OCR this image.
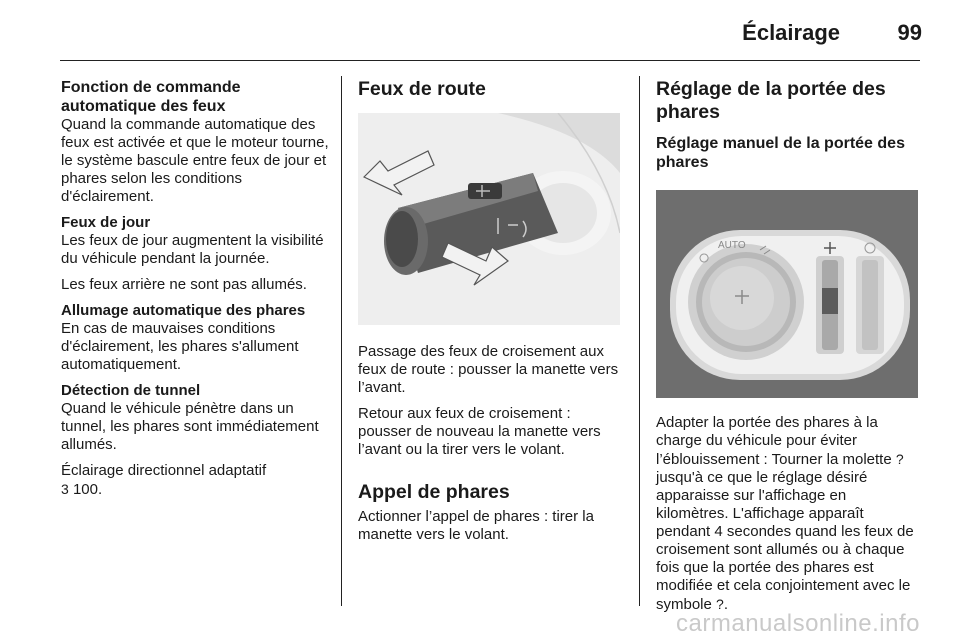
Éclairage	99
Fonction de commande automatique des feux

Quand la commande automatique des feux est activée et que le moteur tourne, le système bascule entre feux de jour et phares selon les conditions d'éclairement.

Feux de jour

Les feux de jour augmentent la visibilité du véhicule pendant la journée.

Les feux arrière ne sont pas allumés.

Allumage automatique des phares

En cas de mauvaises conditions d'éclairement, les phares s'allument automatiquement.

Détection de tunnel

Quand le véhicule pénètre dans un tunnel, les phares sont immédiatement allumés.

Éclairage directionnel adaptatif
3 100.

Feux de route

Passage des feux de croisement aux feux de route : pousser la manette vers l’avant.

Retour aux feux de croisement : pousser de nouveau la manette vers l’avant ou la tirer vers le volant.

Appel de phares

Actionner l’appel de phares : tirer la manette vers le volant.

Réglage de la portée des phares
Réglage manuel de la portée des phares
AUTO

Adapter la portée des phares à la charge du véhicule pour éviter l’éblouissement : Tourner la molette ? jusqu'à ce que le réglage désiré apparaisse sur l'affichage en kilomètres. L'affichage apparaît pendant 4 secondes quand les feux de croisement sont allumés ou à chaque fois que la portée des phares est modifiée et cela conjointement avec le symbole ?.

carmanualsonline.info
